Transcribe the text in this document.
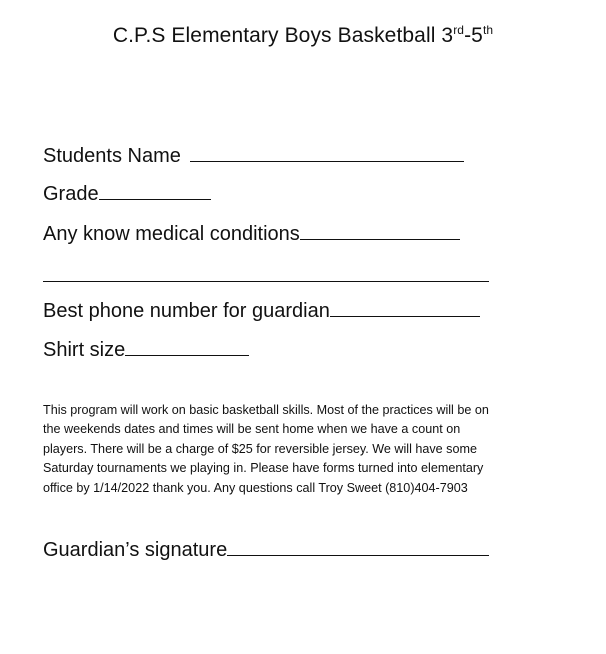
C.P.S Elementary Boys Basketball 3rd-5th
Students Name
Grade
Any know medical conditions
Best phone number for guardian
Shirt size
This program will work on basic basketball skills. Most of the practices will be on
the weekends dates and times will be sent home when we have a count on
players. There will be a charge of $25 for reversible jersey. We will have some
Saturday tournaments we playing in. Please have forms turned into elementary
office by 1/14/2022 thank you. Any questions call Troy Sweet (810)404-7903
Guardian’s signature
